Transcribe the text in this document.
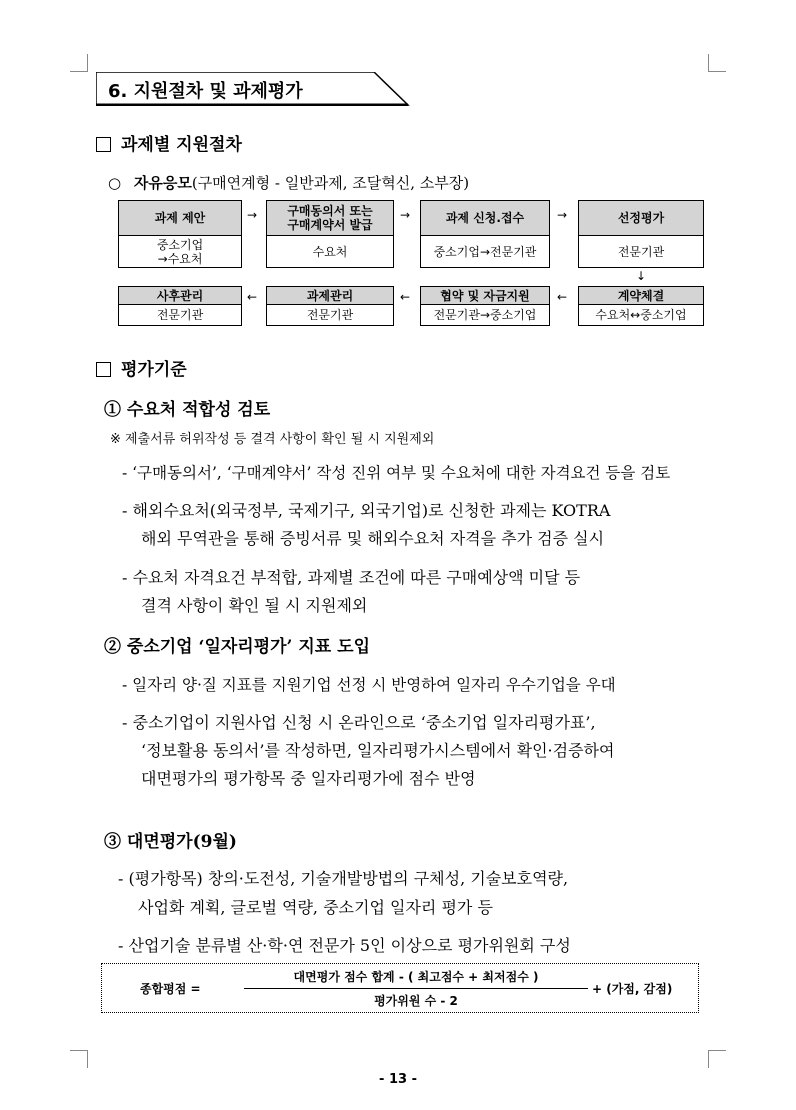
6. 지원절차 및 과제평가
과제별 지원절차
○ 자유응모(구매연계형 - 일반과제, 조달혁신, 소부장)
과제 제안
중소기업
→수요처
→	구매동의서 또는
구매계약서 발급
수요처
→	과제 신청.접수
중소기업→전문기관
→	선정평가
전문기관
↓
사후관리
전문기관
←	과제관리
전문기관
←	협약 및 자금지원
전문기관→중소기업
←	계약체결
수요처↔중소기업
평가기준
① 수요처 적합성 검토
※ 제출서류 허위작성 등 결격 사항이 확인 될 시 지원제외
- ‘구매동의서’, ‘구매계약서’ 작성 진위 여부 및 수요처에 대한 자격요건 등을 검토
- 해외수요처(외국정부, 국제기구, 외국기업)로 신청한 과제는 KOTRA
해외 무역관을 통해 증빙서류 및 해외수요처 자격을 추가 검증 실시
- 수요처 자격요건 부적합, 과제별 조건에 따른 구매예상액 미달 등
결격 사항이 확인 될 시 지원제외
② 중소기업 ‘일자리평가’ 지표 도입
- 일자리 양·질 지표를 지원기업 선정 시 반영하여 일자리 우수기업을 우대
- 중소기업이 지원사업 신청 시 온라인으로 ‘중소기업 일자리평가표’,
‘정보활용 동의서’를 작성하면, 일자리평가시스템에서 확인·검증하여
대면평가의 평가항목 중 일자리평가에 점수 반영
③ 대면평가(9월)
- (평가항목) 창의·도전성, 기술개발방법의 구체성, 기술보호역량,
사업화 계획, 글로벌 역량, 중소기업 일자리 평가 등
- 산업기술 분류별 산·학·연 전문가 5인 이상으로 평가위원회 구성
종합평점 =
대면평가 점수 합계 - ( 최고점수 + 최저점수 )
평가위원 수 - 2
+ (가점, 감점)
- 13 -
